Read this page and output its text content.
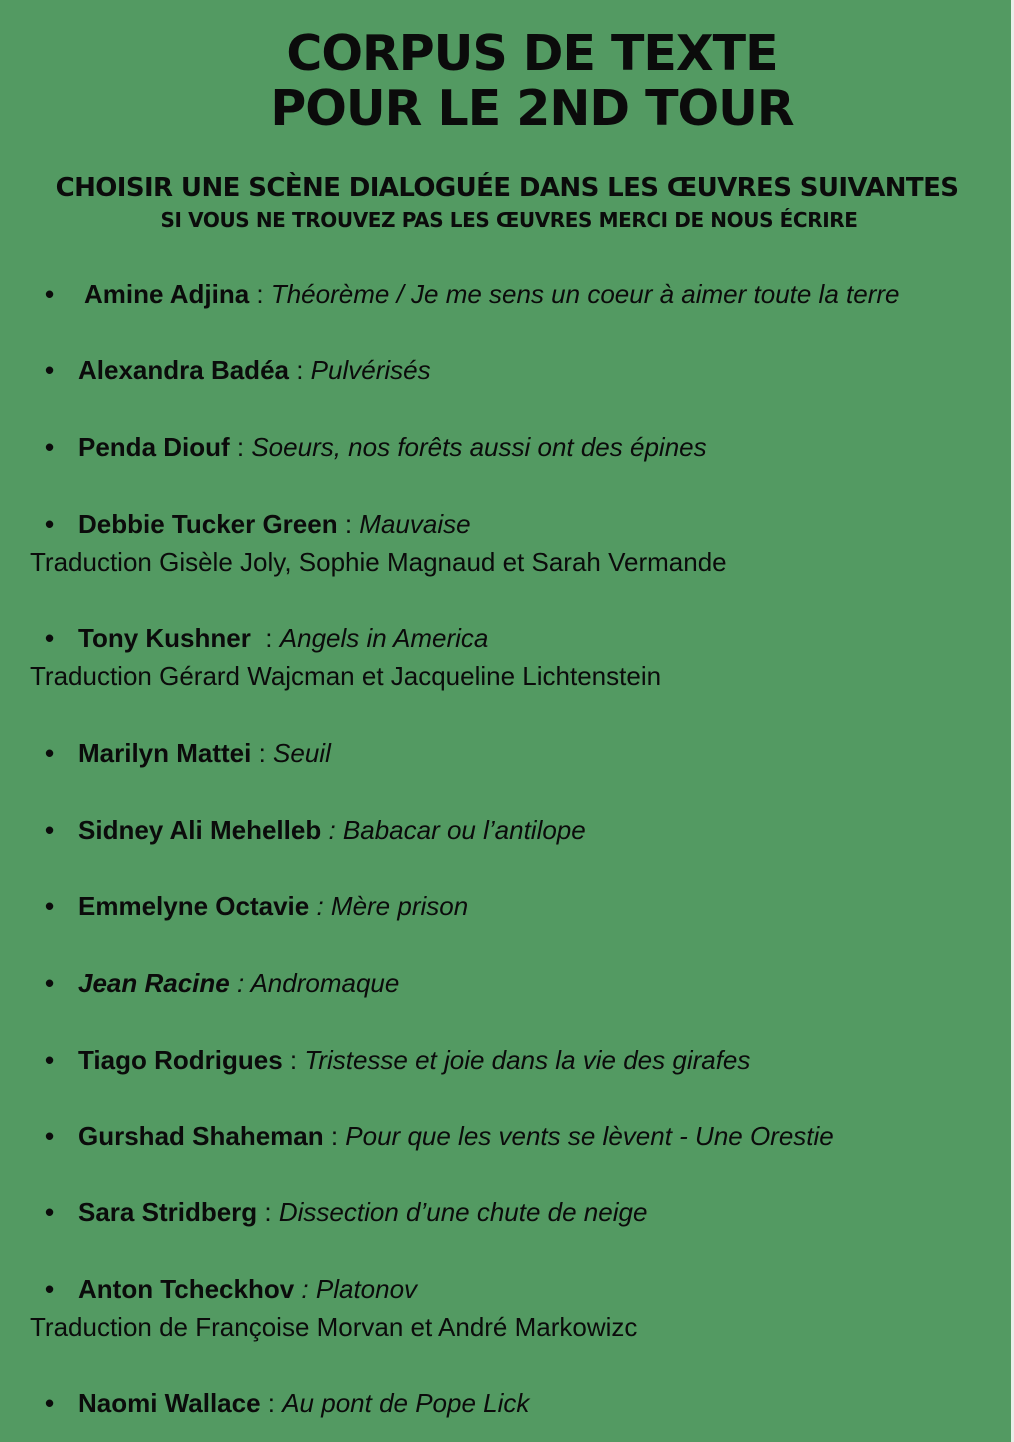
CORPUS DE TEXTE
POUR LE 2ND TOUR
CHOISIR UNE SCÈNE DIALOGUÉE DANS LES ŒUVRES SUIVANTES
SI VOUS NE TROUVEZ PAS LES ŒUVRES MERCI DE NOUS ÉCRIRE
• Amine Adjina : Théorème / Je me sens un coeur à aimer toute la terre
• Alexandra Badéa : Pulvérisés
• Penda Diouf : Soeurs, nos forêts aussi ont des épines
• Debbie Tucker Green : Mauvaise
Traduction Gisèle Joly, Sophie Magnaud et Sarah Vermande
• Tony Kushner  : Angels in America
Traduction Gérard Wajcman et Jacqueline Lichtenstein
• Marilyn Mattei : Seuil
• Sidney Ali Mehelleb : Babacar ou l’antilope
• Emmelyne Octavie : Mère prison
• Jean Racine : Andromaque
• Tiago Rodrigues : Tristesse et joie dans la vie des girafes
• Gurshad Shaheman : Pour que les vents se lèvent - Une Orestie
• Sara Stridberg : Dissection d’une chute de neige
• Anton Tcheckhov : Platonov
Traduction de Françoise Morvan et André Markowizc
• Naomi Wallace : Au pont de Pope Lick
